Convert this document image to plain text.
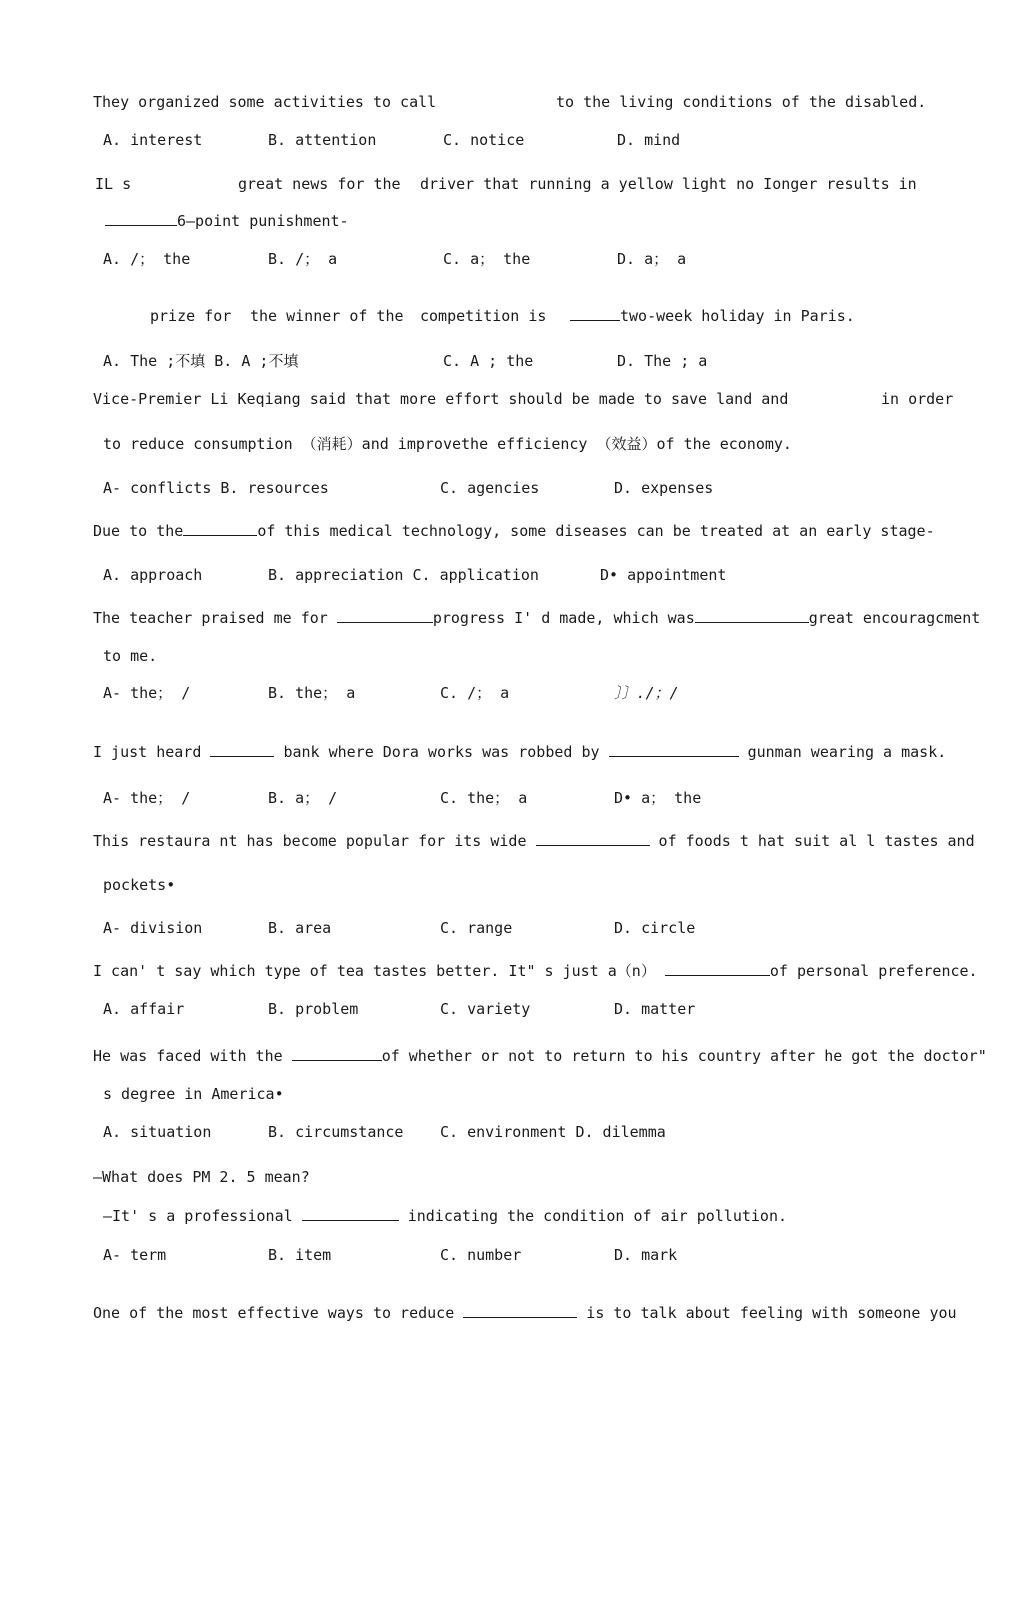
They organized some activities to call

	to the living conditions of the disabled.

A. interest

	B. attention

	C. notice

	D. mind

IL s

	great news for the

driver that running a yellow light no Ionger results in

6—point punishment-

A. /； the

	B. /； a

	C. a； the

	D. a； a

prize for

the winner of the

competition is

	two-week holiday in Paris.

A. The ;不填 B. A ;不填

	C. A ; the

	D. The ; a

Vice-Premier Li Keqiang said that more effort should be made to save land and

	in order

to reduce consumption （消耗）and improvethe efficiency （效益）of the economy.

A- conflicts B. resources

	C. agencies

	D. expenses

Due to the	of this medical technology, some diseases can be treated at an early stage-

A. approach

	B. appreciation C. application

	D• appointment

The teacher praised me for	progress I' d made, which was	great encouragcment

to me.

A- the； /

	B. the； a

	C. /； a

	〕〕./；/

I just heard	bank where Dora works was robbed by	gunman wearing a mask.

A- the； /

	B. a； /

	C. the； a

	D• a； the

This restaura nt has become popular for its wide	of foods t hat suit al l tastes and

pockets•

A- division

	B. area

	C. range

	D. circle

I can' t say which type of tea tastes better. It" s just a（n）	of personal preference.

A. affair

	B. problem

	C. variety

	D. matter

He was faced with the	of whether or not to return to his country after he got the doctor"

s degree in America•

A. situation

	B. circumstance

C. environment D. dilemma

—What does PM 2. 5 mean?

—It' s a professional	indicating the condition of air pollution.

A- term

	B. item

	C. number

	D. mark

One of the most effective ways to reduce	is to talk about feeling with someone you
